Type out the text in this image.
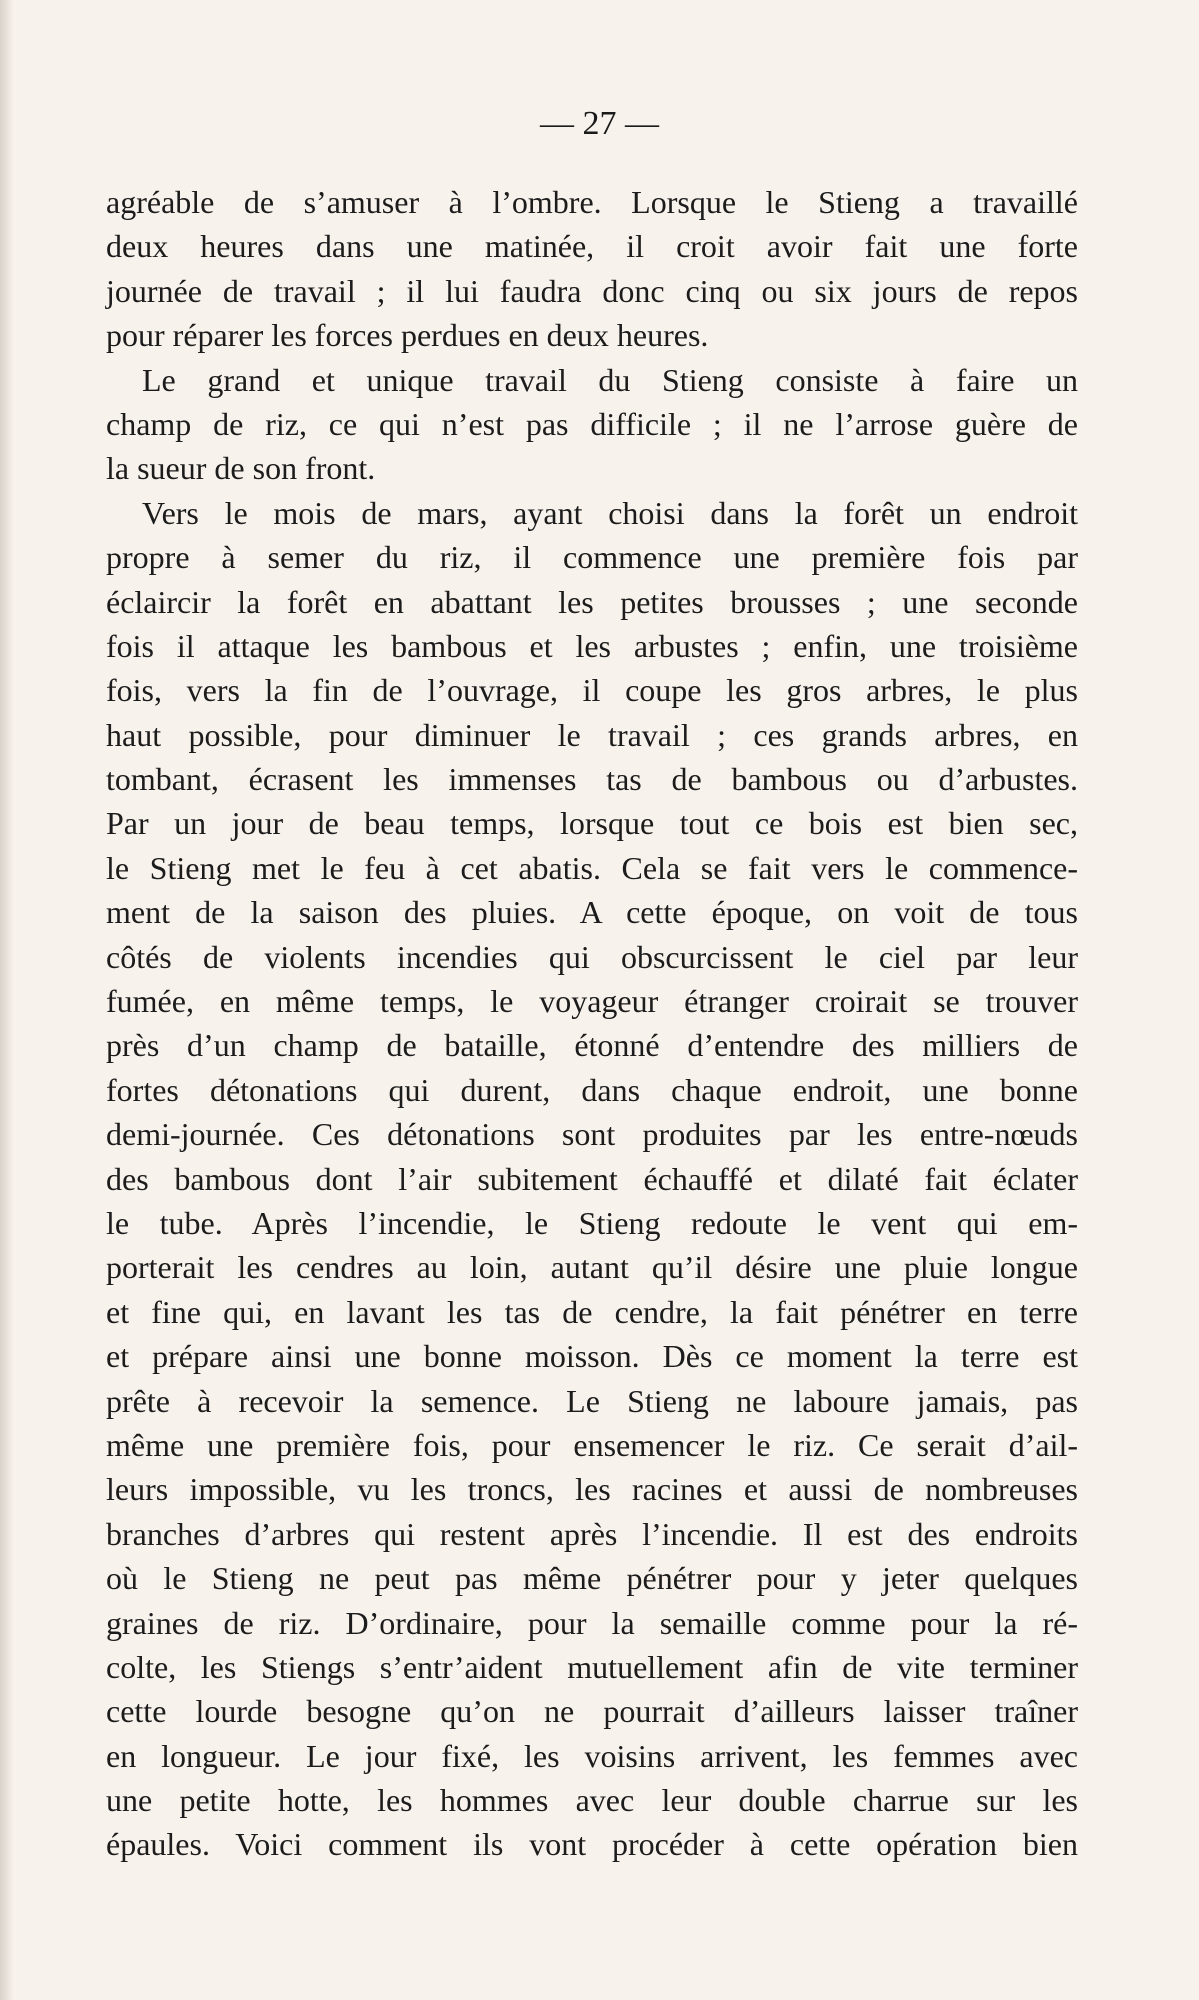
— 27 —
agréable de s’amuser à l’ombre. Lorsque le Stieng a travaillé
deux heures dans une matinée, il croit avoir fait une forte
journée de travail ; il lui faudra donc cinq ou six jours de repos
pour réparer les forces perdues en deux heures.
Le grand et unique travail du Stieng consiste à faire un
champ de riz, ce qui n’est pas difficile ; il ne l’arrose guère de
la sueur de son front.
Vers le mois de mars, ayant choisi dans la forêt un endroit
propre à semer du riz, il commence une première fois par
éclaircir la forêt en abattant les petites brousses ; une seconde
fois il attaque les bambous et les arbustes ; enfin, une troisième
fois, vers la fin de l’ouvrage, il coupe les gros arbres, le plus
haut possible, pour diminuer le travail ; ces grands arbres, en
tombant, écrasent les immenses tas de bambous ou d’arbustes.
Par un jour de beau temps, lorsque tout ce bois est bien sec,
le Stieng met le feu à cet abatis. Cela se fait vers le commence-
ment de la saison des pluies. A cette époque, on voit de tous
côtés de violents incendies qui obscurcissent le ciel par leur
fumée, en même temps, le voyageur étranger croirait se trouver
près d’un champ de bataille, étonné d’entendre des milliers de
fortes détonations qui durent, dans chaque endroit, une bonne
demi-journée. Ces détonations sont produites par les entre-nœuds
des bambous dont l’air subitement échauffé et dilaté fait éclater
le tube. Après l’incendie, le Stieng redoute le vent qui em-
porterait les cendres au loin, autant qu’il désire une pluie longue
et fine qui, en lavant les tas de cendre, la fait pénétrer en terre
et prépare ainsi une bonne moisson. Dès ce moment la terre est
prête à recevoir la semence. Le Stieng ne laboure jamais, pas
même une première fois, pour ensemencer le riz. Ce serait d’ail-
leurs impossible, vu les troncs, les racines et aussi de nombreuses
branches d’arbres qui restent après l’incendie. Il est des endroits
où le Stieng ne peut pas même pénétrer pour y jeter quelques
graines de riz. D’ordinaire, pour la semaille comme pour la ré-
colte, les Stiengs s’entr’aident mutuellement afin de vite terminer
cette lourde besogne qu’on ne pourrait d’ailleurs laisser traîner
en longueur. Le jour fixé, les voisins arrivent, les femmes avec
une petite hotte, les hommes avec leur double charrue sur les
épaules. Voici comment ils vont procéder à cette opération bien
